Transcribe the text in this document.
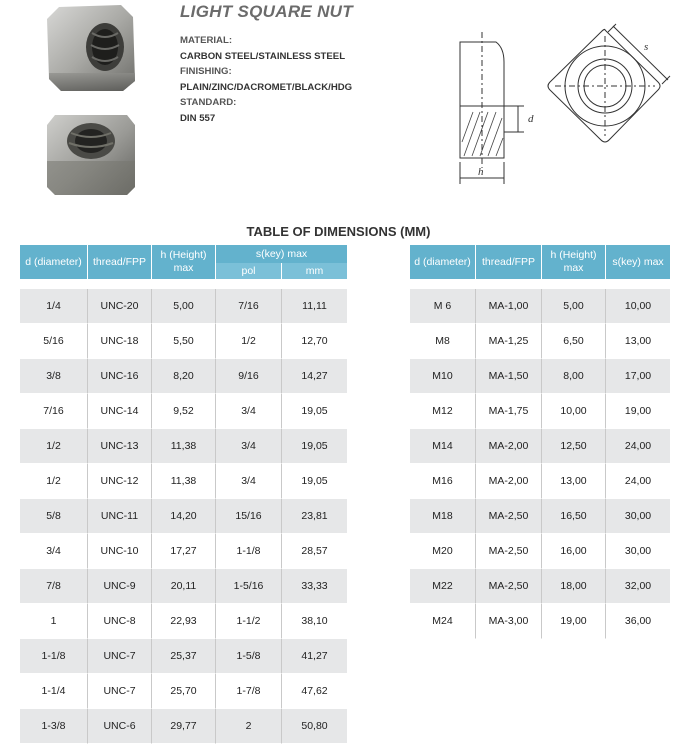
LIGHT SQUARE NUT
MATERIAL:
CARBON STEEL/STAINLESS STEEL
FINISHING:
PLAIN/ZINC/DACROMET/BLACK/HDG
STANDARD:
DIN 557	d
h
s
TABLE OF DIMENSIONS (MM)
d (diameter)	thread/FPP	h (Height)
max	s(key) max	
			pol	mm

1/4	UNC-20	5,00	7/16	11,11
5/16	UNC-18	5,50	1/2	12,70
3/8	UNC-16	8,20	9/16	14,27
7/16	UNC-14	9,52	3/4	19,05
1/2	UNC-13	11,38	3/4	19,05
1/2	UNC-12	11,38	3/4	19,05
5/8	UNC-11	14,20	15/16	23,81
3/4	UNC-10	17,27	1-1/8	28,57
7/8	UNC-9	20,11	1-5/16	33,33
1	UNC-8	22,93	1-1/2	38,10
1-1/8	UNC-7	25,37	1-5/8	41,27
1-1/4	UNC-7	25,70	1-7/8	47,62
1-3/8	UNC-6	29,77	2	50,80
d (diameter)	thread/FPP	h (Height)
max	s(key) max

M 6	MA-1,00	5,00	10,00
M8	MA-1,25	6,50	13,00
M10	MA-1,50	8,00	17,00
M12	MA-1,75	10,00	19,00
M14	MA-2,00	12,50	24,00
M16	MA-2,00	13,00	24,00
M18	MA-2,50	16,50	30,00
M20	MA-2,50	16,00	30,00
M22	MA-2,50	18,00	32,00
M24	MA-3,00	19,00	36,00
